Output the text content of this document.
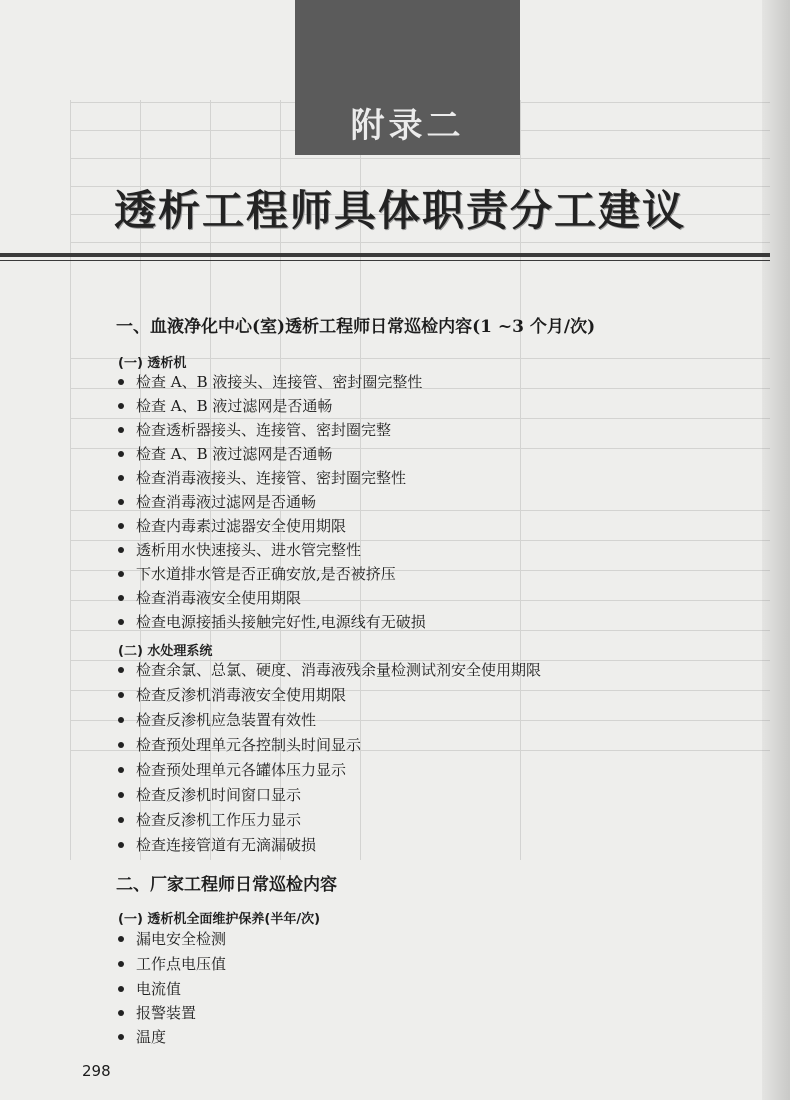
附录二
透析工程师具体职责分工建议
一、血液净化中心(室)透析工程师日常巡检内容(1 ~3 个月/次)
(一) 透析机
检查 A、B 液接头、连接管、密封圈完整性
检查 A、B 液过滤网是否通畅
检查透析器接头、连接管、密封圈完整
检查 A、B 液过滤网是否通畅
检查消毒液接头、连接管、密封圈完整性
检查消毒液过滤网是否通畅
检查内毒素过滤器安全使用期限
透析用水快速接头、进水管完整性
下水道排水管是否正确安放,是否被挤压
检查消毒液安全使用期限
检查电源接插头接触完好性,电源线有无破损
(二) 水处理系统
检查余氯、总氯、硬度、消毒液残余量检测试剂安全使用期限
检查反渗机消毒液安全使用期限
检查反渗机应急装置有效性
检查预处理单元各控制头时间显示
检查预处理单元各罐体压力显示
检查反渗机时间窗口显示
检查反渗机工作压力显示
检查连接管道有无滴漏破损
二、厂家工程师日常巡检内容
(一) 透析机全面维护保养(半年/次)
漏电安全检测
工作点电压值
电流值
报警装置
温度
298
